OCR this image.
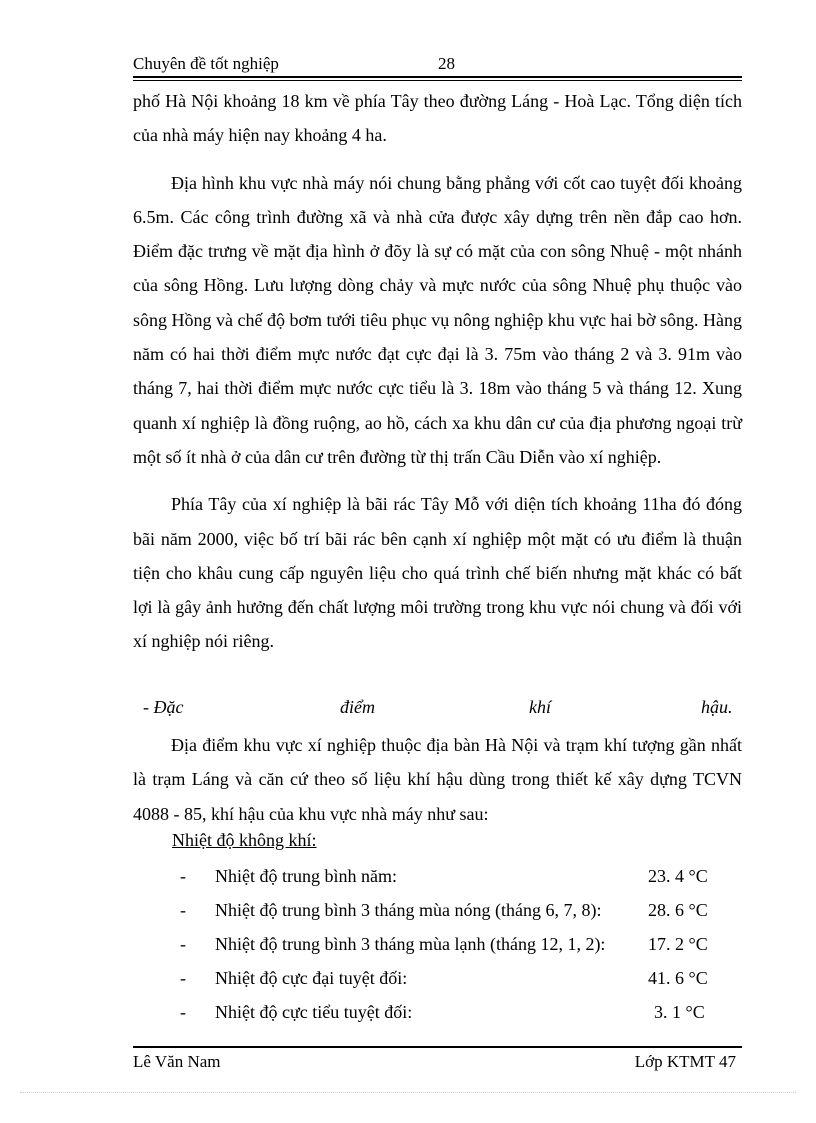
Chuyên đề tốt nghiệp	28

phố Hà Nội khoảng 18 km về phía Tây theo đường Láng - Hoà Lạc. Tổng diện tích của nhà máy hiện nay khoảng 4 ha.

Địa hình khu vực nhà máy nói chung bằng phẳng với cốt cao tuyệt đối khoảng 6.5m. Các công trình đường xã và nhà cửa được xây dựng trên nền đắp cao hơn. Điểm đặc trưng về mặt địa hình ở đõy là sự có mặt của con sông Nhuệ - một nhánh của sông Hồng. Lưu lượng dòng chảy và mực nước của sông Nhuệ phụ thuộc vào sông Hồng và chế độ bơm tưới tiêu phục vụ nông nghiệp khu vực hai bờ sông. Hàng năm có hai thời điểm mực nước đạt cực đại là 3. 75m vào tháng 2 và 3. 91m vào tháng 7, hai thời điểm mực nước cực tiểu là 3. 18m vào tháng 5 và tháng 12. Xung quanh xí nghiệp là đồng ruộng, ao hồ, cách xa khu dân cư của địa phương ngoại trừ một số ít nhà ở của dân cư trên đường từ thị trấn Cầu Diễn vào xí nghiệp.

Phía Tây của xí nghiệp là bãi rác Tây Mỗ với diện tích khoảng 11ha đó đóng bãi năm 2000, việc bố trí bãi rác bên cạnh xí nghiệp một mặt có ưu điểm là thuận tiện cho khâu cung cấp nguyên liệu cho quá trình chế biến nhưng mặt khác có bất lợi là gây ảnh hưởng đến chất lượng môi trường trong khu vực nói chung và đối với xí nghiệp nói riêng.

- Đặc	điểm	khí	hậu.

Địa điểm khu vực xí nghiệp thuộc địa bàn Hà Nội và trạm khí tượng gần nhất là trạm Láng và căn cứ theo số liệu khí hậu dùng trong thiết kế xây dựng TCVN 4088 - 85, khí hậu của khu vực nhà máy như sau:

Nhiệt độ không khí:
- Nhiệt độ trung bình năm:	23. 4 °C
- Nhiệt độ trung bình 3 tháng mùa nóng (tháng 6, 7, 8):	28. 6 °C
- Nhiệt độ trung bình 3 tháng mùa lạnh (tháng 12, 1, 2): 17. 2 °C
- Nhiệt độ cực đại tuyệt đối:	41. 6 °C
- Nhiệt độ cực tiểu tuyệt đối:	3. 1 °C
Lê Văn Nam	Lớp KTMT 47
